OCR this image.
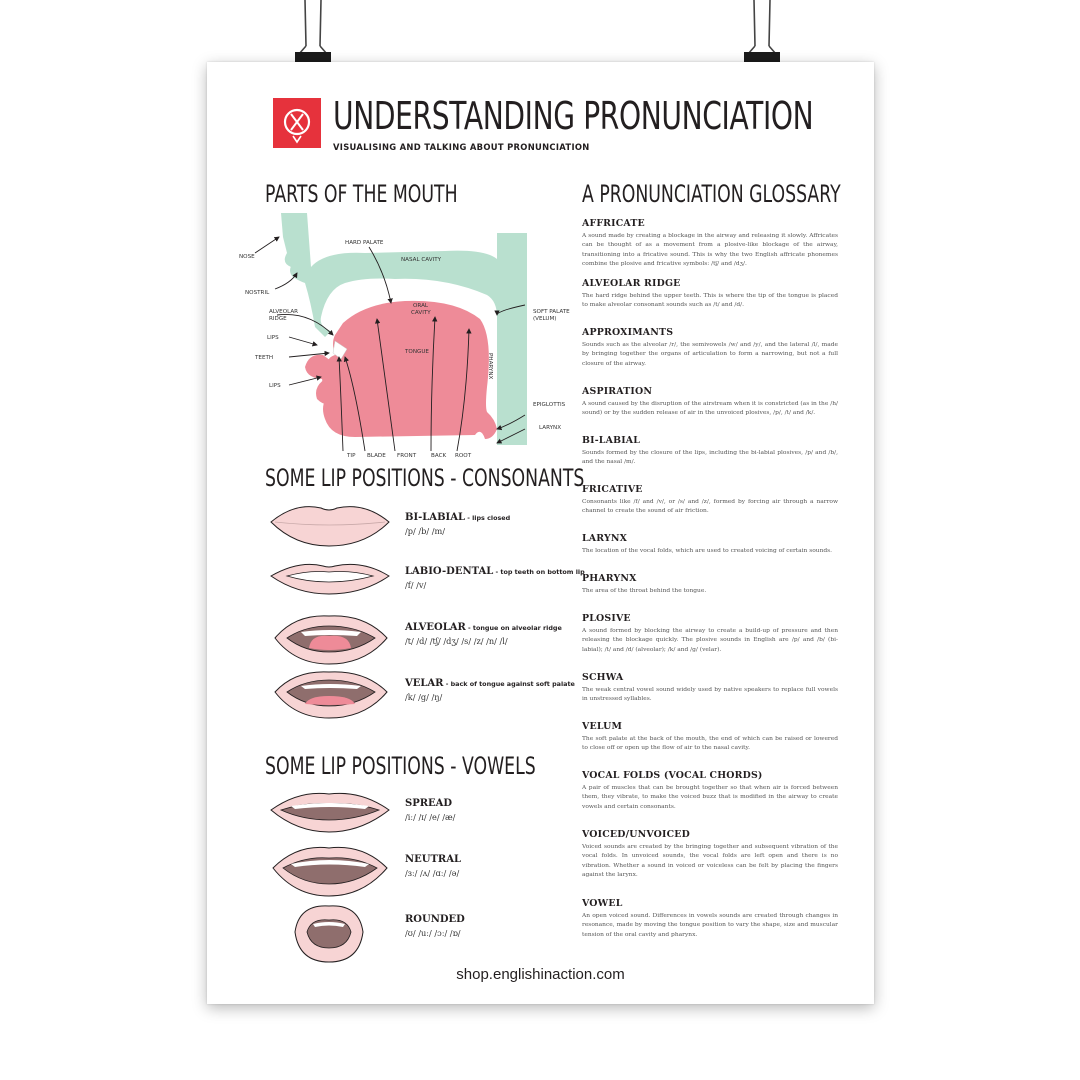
UNDERSTANDING PRONUNCIATION
VISUALISING AND TALKING ABOUT PRONUNCIATION
PARTS OF THE MOUTH	A PRONUNCIATION GLOSSARY
NOSE
NOSTRIL
ALVEOLAR
RIDGE
LIPS
TEETH
LIPS
HARD PALATE
NASAL CAVITY
ORAL
CAVITY
TONGUE
SOFT PALATE
(VELUM)
PHARYNX
EPIGLOTTIS
LARYNX
TIP BLADE FRONT	BACK ROOT
SOME LIP POSITIONS - CONSONANTS
BI-LABIAL - lips closed
/p/ /b/ /m/
LABIO-DENTAL - top teeth on bottom lip
/f/ /v/
ALVEOLAR - tongue on alveolar ridge
/t/ /d/ /tʃ/ /dʒ/ /s/ /z/ /n/ /l/
VELAR - back of tongue against soft palate
/k/ /g/ /ŋ/
SOME LIP POSITIONS - VOWELS
SPREAD
/iː/ /ɪ/ /e/ /æ/
NEUTRAL
/ɜː/ /ʌ/ /ɑː/ /ə/
ROUNDED
/ʊ/ /uː/ /ɔː/ /ɒ/
AFFRICATE
A sound made by creating a blockage in the airway and releasing it slowly. Affricates can be thought of as a movement from a plosive-like blockage of the airway, transitioning into a fricative sound. This is why the two English affricate phonemes combine the plosive and fricative symbols: /tʃ/ and /dʒ/.
ALVEOLAR RIDGE
The hard ridge behind the upper teeth. This is where the tip of the tongue is placed to make alveolar consonant sounds such as /t/ and /d/.
APPROXIMANTS
Sounds such as the alveolar /r/, the semivowels /w/ and /y/, and the lateral /l/, made by bringing together the organs of articulation to form a narrowing, but not a full closure of the airway.
ASPIRATION
A sound caused by the disruption of the airstream when it is constricted (as in the /h/ sound) or by the sudden release of air in the unvoiced plosives, /p/, /t/ and /k/.
BI-LABIAL
Sounds formed by the closure of the lips, including the bi-labial plosives, /p/ and /b/, and the nasal /m/.
FRICATIVE
Consonants like /f/ and /v/, or /s/ and /z/, formed by forcing air through a narrow channel to create the sound of air friction.
LARYNX
The location of the vocal folds, which are used to created voicing of certain sounds.
PHARYNX
The area of the throat behind the tongue.
PLOSIVE
A sound formed by blocking the airway to create a build-up of pressure and then releasing the blockage quickly. The plosive sounds in English are /p/ and /b/ (bi-labial); /t/ and /d/ (alveolar); /k/ and /g/ (velar).
SCHWA
The weak central vowel sound widely used by native speakers to replace full vowels in unstressed syllables.
VELUM
The soft palate at the back of the mouth, the end of which can be raised or lowered to close off or open up the flow of air to the nasal cavity.
VOCAL FOLDS (VOCAL CHORDS)
A pair of muscles that can be brought together so that when air is forced between them, they vibrate, to make the voiced buzz that is modified in the airway to create vowels and certain consonants.
VOICED/UNVOICED
Voiced sounds are created by the bringing together and subsequent vibration of the vocal folds. In unvoiced sounds, the vocal folds are left open and there is no vibration. Whether a sound in voiced or voiceless can be felt by placing the fingers against the larynx.
VOWEL
An open voiced sound. Differences in vowels sounds are created through changes in resonance, made by moving the tongue position to vary the shape, size and muscular tension of the oral cavity and pharynx.
shop.englishinaction.com
